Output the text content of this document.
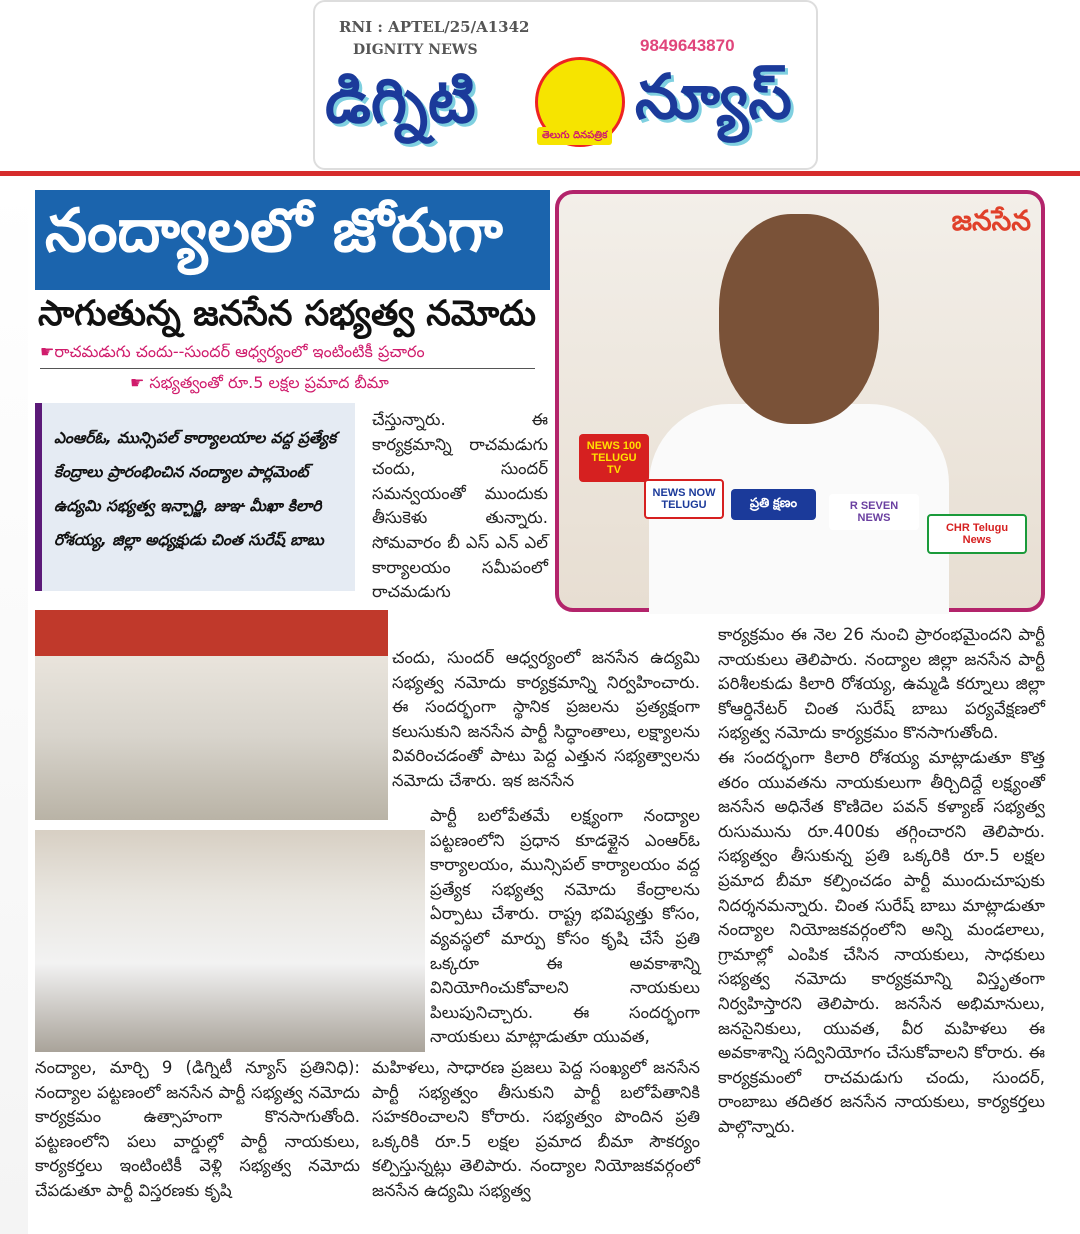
RNI : APTEL/25/A1342
DIGNITY NEWS	9849643870
డిగ్నిటి	తెలుగు దినపత్రిక
న్యూస్
నంద్యాలలో జోరుగా
సాగుతున్న జనసేన సభ్యత్వ నమోదు
☛రాచమడుగు చందు--సుందర్ ఆధ్వర్యంలో ఇంటింటికీ ప్రచారం
☛ సభ్యత్వంతో రూ.5 లక్షల ప్రమాద బీమా
ఎంఆర్ఓ, మున్సిపల్ కార్యాలయాల వద్ద ప్రత్యేక కేంద్రాలు ప్రారంభించిన నంద్యాల పార్లమెంట్ ఉద్యమి సభ్యత్వ ఇన్చార్జి, జుఞ మీఖా కిలారి రోశయ్య, జిల్లా అధ్యక్షుడు చింత సురేష్ బాబు
చేస్తున్నారు. ఈ కార్యక్రమాన్ని రాచమడుగు చందు, సుందర్ సమన్వయంతో ముందుకు తీసుకెళు తున్నారు. సోమవారం బీ ఎస్ ఎన్ ఎల్ కార్యాలయం సమీపంలో రాచమడుగు
చందు, సుందర్ ఆధ్వర్యంలో జనసేన ఉద్యమి సభ్యత్వ నమోదు కార్యక్రమాన్ని నిర్వహించారు. ఈ సందర్భంగా స్థానిక ప్రజలను ప్రత్యక్షంగా కలుసుకుని జనసేన పార్టీ సిద్ధాంతాలు, లక్ష్యాలను వివరించడంతో పాటు పెద్ద ఎత్తున సభ్యత్వాలను నమోదు చేశారు. ఇక జనసేన
పార్టీ బలోపేతమే లక్ష్యంగా నంద్యాల పట్టణంలోని ప్రధాన కూడళ్లైన ఎంఆర్ఓ కార్యాలయం, మున్సిపల్ కార్యాలయం వద్ద ప్రత్యేక సభ్యత్వ నమోదు కేంద్రాలను ఏర్పాటు చేశారు. రాష్ట్ర భవిష్యత్తు కోసం, వ్యవస్థలో మార్పు కోసం కృషి చేసే ప్రతి ఒక్కరూ ఈ అవకాశాన్ని వినియోగించుకోవాలని నాయకులు పిలుపునిచ్చారు. ఈ సందర్భంగా నాయకులు మాట్లాడుతూ యువత,
మహిళలు, సాధారణ ప్రజలు పెద్ద సంఖ్యలో జనసేన పార్టీ సభ్యత్వం తీసుకుని పార్టీ బలోపేతానికి సహకరించాలని కోరారు. సభ్యత్వం పొందిన ప్రతి ఒక్కరికి రూ.5 లక్షల ప్రమాద బీమా సౌకర్యం కల్పిస్తున్నట్లు తెలిపారు. నంద్యాల నియోజకవర్గంలో జనసేన ఉద్యమి సభ్యత్వ
నంద్యాల, మార్చి 9 (డిగ్నిటీ న్యూస్ ప్రతినిధి): నంద్యాల పట్టణంలో జనసేన పార్టీ సభ్యత్వ నమోదు కార్యక్రమం ఉత్సాహంగా కొనసాగుతోంది. పట్టణంలోని పలు వార్డుల్లో పార్టీ నాయకులు, కార్యకర్తలు ఇంటింటికీ వెళ్లి సభ్యత్వ నమోదు చేపడుతూ పార్టీ విస్తరణకు కృషి

కార్యక్రమం ఈ నెల 26 నుంచి ప్రారంభమైందని పార్టీ నాయకులు తెలిపారు. నంద్యాల జిల్లా జనసేన పార్టీ పరిశీలకుడు కిలారి రోశయ్య, ఉమ్మడి కర్నూలు జిల్లా కోఆర్డినేటర్ చింత సురేష్ బాబు పర్యవేక్షణలో సభ్యత్వ నమోదు కార్యక్రమం కొనసాగుతోంది.

ఈ సందర్భంగా కిలారి రోశయ్య మాట్లాడుతూ కొత్త తరం యువతను నాయకులుగా తీర్చిదిద్దే లక్ష్యంతో జనసేన అధినేత కొణిదెల పవన్ కళ్యాణ్ సభ్యత్వ రుసుమును రూ.400కు తగ్గించారని తెలిపారు. సభ్యత్వం తీసుకున్న ప్రతి ఒక్కరికి రూ.5 లక్షల ప్రమాద బీమా కల్పించడం పార్టీ ముందుచూపుకు నిదర్శనమన్నారు. చింత సురేష్ బాబు మాట్లాడుతూ నంద్యాల నియోజకవర్గంలోని అన్ని మండలాలు, గ్రామాల్లో ఎంపిక చేసిన నాయకులు, సాధకులు సభ్యత్వ నమోదు కార్యక్రమాన్ని విస్తృతంగా నిర్వహిస్తారని తెలిపారు. జనసేన అభిమానులు, జనసైనికులు, యువత, వీర మహిళలు ఈ అవకాశాన్ని సద్వినియోగం చేసుకోవాలని కోరారు. ఈ కార్యక్రమంలో రాచమడుగు చందు, సుందర్, రాంబాబు తదితర జనసేన నాయకులు, కార్యకర్తలు పాల్గొన్నారు.

జనసేన
NEWS 100 TELUGU TV
NEWS NOW TELUGU	ప్రతి క్షణం	R SEVEN NEWS
CHR Telugu News
